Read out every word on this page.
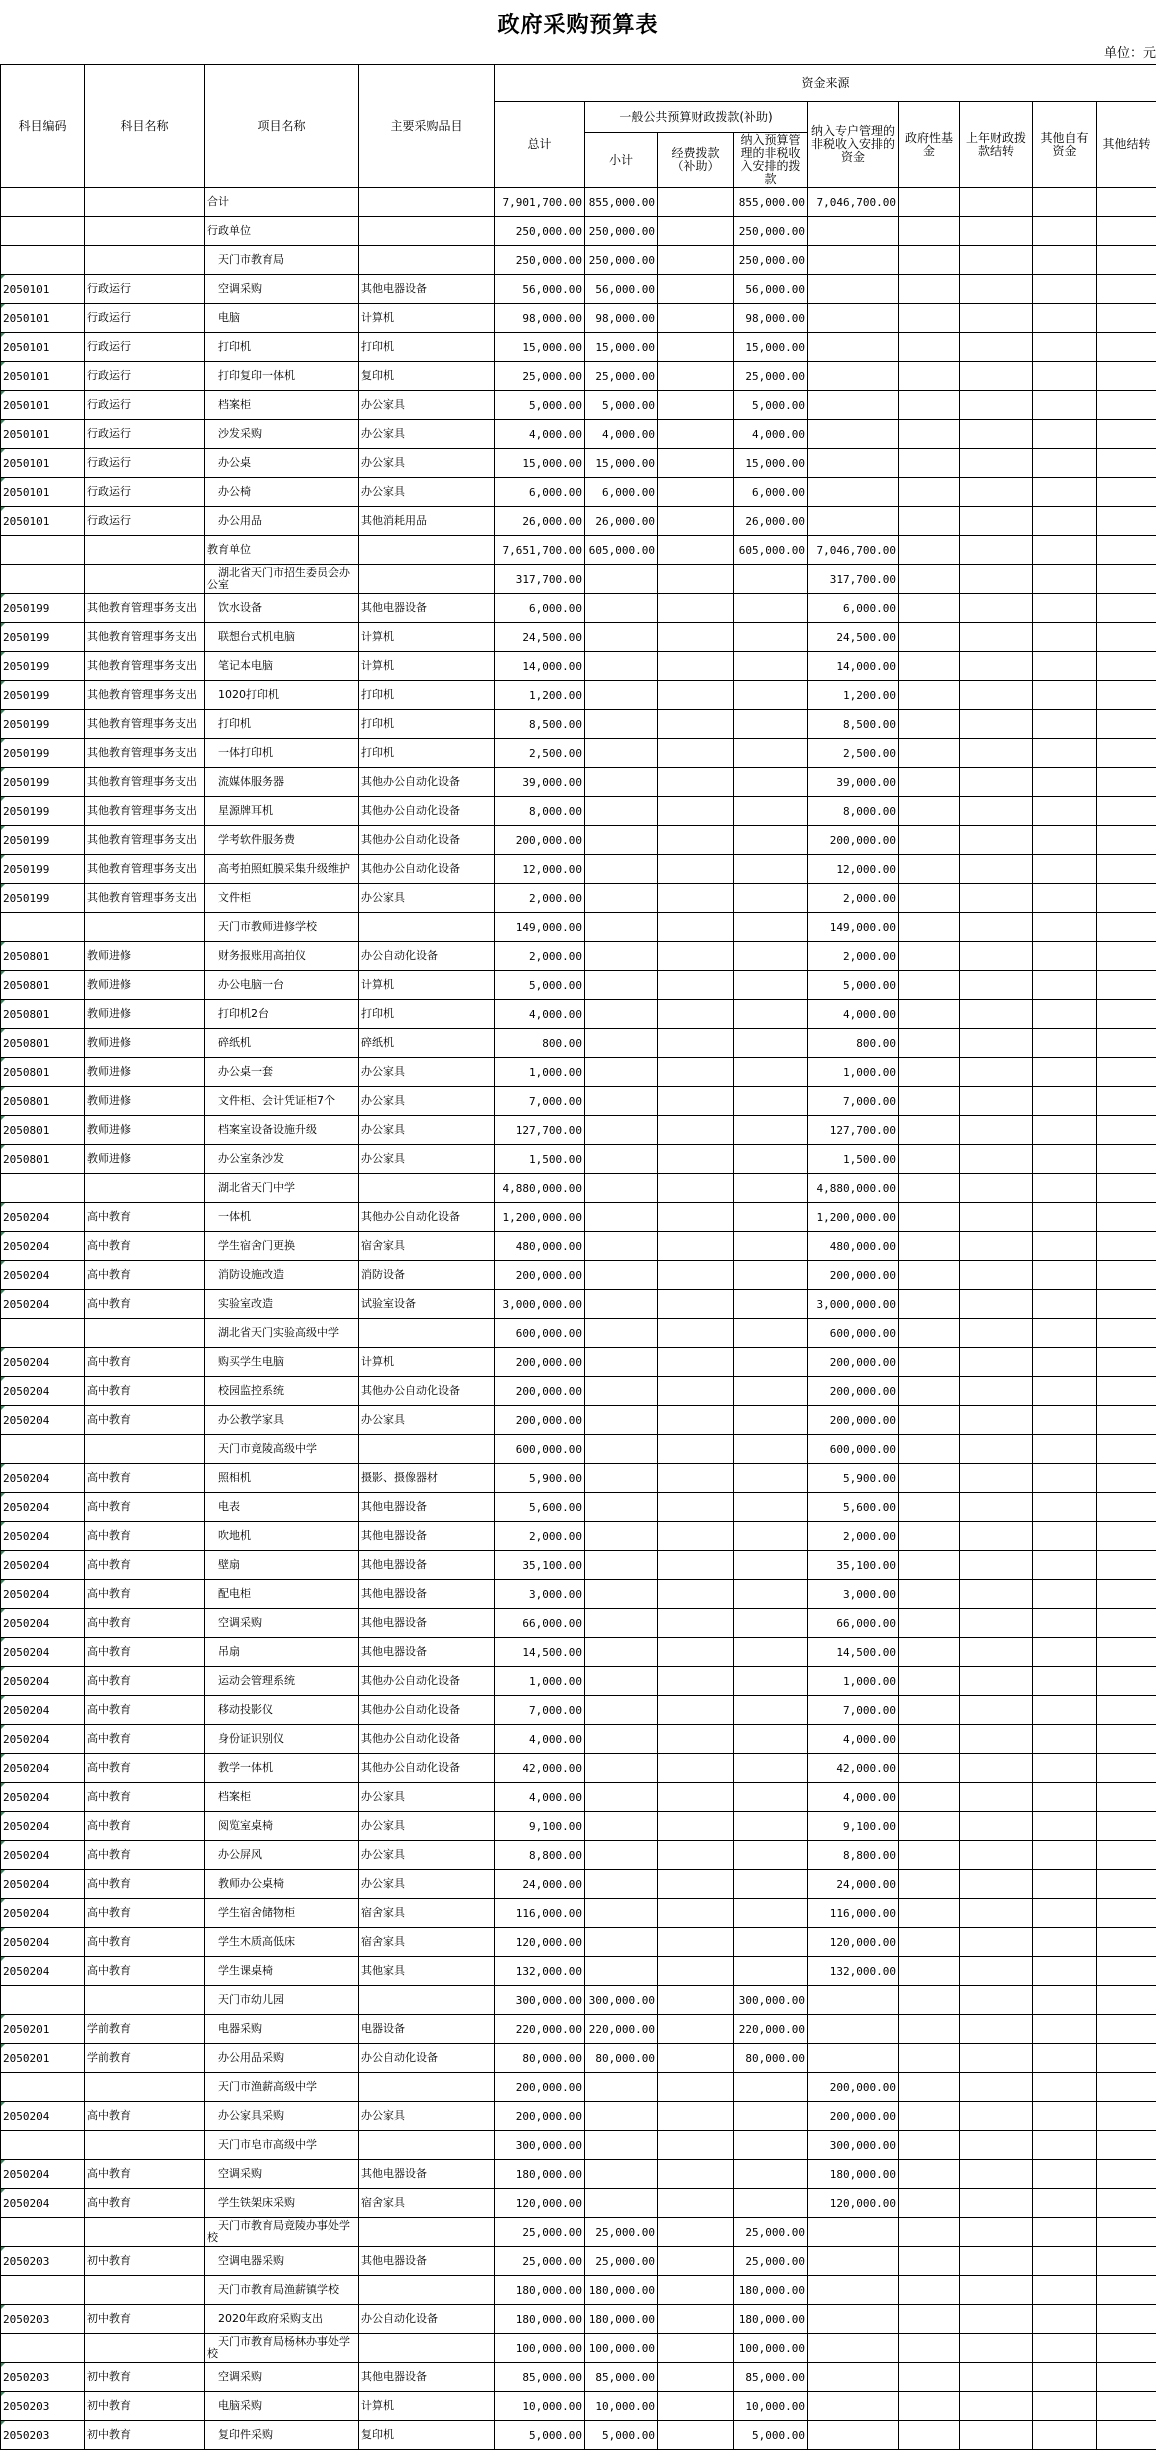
政府采购预算表
单位：元
科目编码	科目名称	项目名称	主要采购品目	资金来源								
				总计	一般公共预算财政拨款(补助)			纳入专户管理的非税收入安排的资金	政府性基金	上年财政拨款结转	其他自有资金	其他结转
					小计	经费拨款（补助）	纳入预算管理的非税收入安排的拨款					
		合计		7,901,700.00	855,000.00		855,000.00	7,046,700.00				
		行政单位		250,000.00	250,000.00		250,000.00					
		　天门市教育局		250,000.00	250,000.00		250,000.00					
2050101	行政运行	　空调采购	其他电器设备	56,000.00	56,000.00		56,000.00					
2050101	行政运行	　电脑	计算机	98,000.00	98,000.00		98,000.00					
2050101	行政运行	　打印机	打印机	15,000.00	15,000.00		15,000.00					
2050101	行政运行	　打印复印一体机	复印机	25,000.00	25,000.00		25,000.00					
2050101	行政运行	　档案柜	办公家具	5,000.00	5,000.00		5,000.00					
2050101	行政运行	　沙发采购	办公家具	4,000.00	4,000.00		4,000.00					
2050101	行政运行	　办公桌	办公家具	15,000.00	15,000.00		15,000.00					
2050101	行政运行	　办公椅	办公家具	6,000.00	6,000.00		6,000.00					
2050101	行政运行	　办公用品	其他消耗用品	26,000.00	26,000.00		26,000.00					
		教育单位		7,651,700.00	605,000.00		605,000.00	7,046,700.00				
		　湖北省天门市招生委员会办公室		317,700.00				317,700.00				
2050199	其他教育管理事务支出	　饮水设备	其他电器设备	6,000.00				6,000.00				
2050199	其他教育管理事务支出	　联想台式机电脑	计算机	24,500.00				24,500.00				
2050199	其他教育管理事务支出	　笔记本电脑	计算机	14,000.00				14,000.00				
2050199	其他教育管理事务支出	　1020打印机	打印机	1,200.00				1,200.00				
2050199	其他教育管理事务支出	　打印机	打印机	8,500.00				8,500.00				
2050199	其他教育管理事务支出	　一体打印机	打印机	2,500.00				2,500.00				
2050199	其他教育管理事务支出	　流媒体服务器	其他办公自动化设备	39,000.00				39,000.00				
2050199	其他教育管理事务支出	　星源牌耳机	其他办公自动化设备	8,000.00				8,000.00				
2050199	其他教育管理事务支出	　学考软件服务费	其他办公自动化设备	200,000.00				200,000.00				
2050199	其他教育管理事务支出	　高考拍照虹膜采集升级维护	其他办公自动化设备	12,000.00				12,000.00				
2050199	其他教育管理事务支出	　文件柜	办公家具	2,000.00				2,000.00				
		　天门市教师进修学校		149,000.00				149,000.00				
2050801	教师进修	　财务报账用高拍仪	办公自动化设备	2,000.00				2,000.00				
2050801	教师进修	　办公电脑一台	计算机	5,000.00				5,000.00				
2050801	教师进修	　打印机2台	打印机	4,000.00				4,000.00				
2050801	教师进修	　碎纸机	碎纸机	800.00				800.00				
2050801	教师进修	　办公桌一套	办公家具	1,000.00				1,000.00				
2050801	教师进修	　文件柜、会计凭证柜7个	办公家具	7,000.00				7,000.00				
2050801	教师进修	　档案室设备设施升级	办公家具	127,700.00				127,700.00				
2050801	教师进修	　办公室条沙发	办公家具	1,500.00				1,500.00				
		　湖北省天门中学		4,880,000.00				4,880,000.00				
2050204	高中教育	　一体机	其他办公自动化设备	1,200,000.00				1,200,000.00				
2050204	高中教育	　学生宿舍门更换	宿舍家具	480,000.00				480,000.00				
2050204	高中教育	　消防设施改造	消防设备	200,000.00				200,000.00				
2050204	高中教育	　实验室改造	试验室设备	3,000,000.00				3,000,000.00				
		　湖北省天门实验高级中学		600,000.00				600,000.00				
2050204	高中教育	　购买学生电脑	计算机	200,000.00				200,000.00				
2050204	高中教育	　校园监控系统	其他办公自动化设备	200,000.00				200,000.00				
2050204	高中教育	　办公教学家具	办公家具	200,000.00				200,000.00				
		　天门市竟陵高级中学		600,000.00				600,000.00				
2050204	高中教育	　照相机	摄影、摄像器材	5,900.00				5,900.00				
2050204	高中教育	　电表	其他电器设备	5,600.00				5,600.00				
2050204	高中教育	　吹地机	其他电器设备	2,000.00				2,000.00				
2050204	高中教育	　壁扇	其他电器设备	35,100.00				35,100.00				
2050204	高中教育	　配电柜	其他电器设备	3,000.00				3,000.00				
2050204	高中教育	　空调采购	其他电器设备	66,000.00				66,000.00				
2050204	高中教育	　吊扇	其他电器设备	14,500.00				14,500.00				
2050204	高中教育	　运动会管理系统	其他办公自动化设备	1,000.00				1,000.00				
2050204	高中教育	　移动投影仪	其他办公自动化设备	7,000.00				7,000.00				
2050204	高中教育	　身份证识别仪	其他办公自动化设备	4,000.00				4,000.00				
2050204	高中教育	　教学一体机	其他办公自动化设备	42,000.00				42,000.00				
2050204	高中教育	　档案柜	办公家具	4,000.00				4,000.00				
2050204	高中教育	　阅览室桌椅	办公家具	9,100.00				9,100.00				
2050204	高中教育	　办公屏风	办公家具	8,800.00				8,800.00				
2050204	高中教育	　教师办公桌椅	办公家具	24,000.00				24,000.00				
2050204	高中教育	　学生宿舍储物柜	宿舍家具	116,000.00				116,000.00				
2050204	高中教育	　学生木质高低床	宿舍家具	120,000.00				120,000.00				
2050204	高中教育	　学生课桌椅	其他家具	132,000.00				132,000.00				
		　天门市幼儿园		300,000.00	300,000.00		300,000.00					
2050201	学前教育	　电器采购	电器设备	220,000.00	220,000.00		220,000.00					
2050201	学前教育	　办公用品采购	办公自动化设备	80,000.00	80,000.00		80,000.00					
		　天门市渔薪高级中学		200,000.00				200,000.00				
2050204	高中教育	　办公家具采购	办公家具	200,000.00				200,000.00				
		　天门市皂市高级中学		300,000.00				300,000.00				
2050204	高中教育	　空调采购	其他电器设备	180,000.00				180,000.00				
2050204	高中教育	　学生铁架床采购	宿舍家具	120,000.00				120,000.00				
		　天门市教育局竟陵办事处学校		25,000.00	25,000.00		25,000.00					
2050203	初中教育	　空调电器采购	其他电器设备	25,000.00	25,000.00		25,000.00					
		　天门市教育局渔薪镇学校		180,000.00	180,000.00		180,000.00					
2050203	初中教育	　2020年政府采购支出	办公自动化设备	180,000.00	180,000.00		180,000.00					
		　天门市教育局杨林办事处学校		100,000.00	100,000.00		100,000.00					
2050203	初中教育	　空调采购	其他电器设备	85,000.00	85,000.00		85,000.00					
2050203	初中教育	　电脑采购	计算机	10,000.00	10,000.00		10,000.00					
2050203	初中教育	　复印件采购	复印机	5,000.00	5,000.00		5,000.00					
